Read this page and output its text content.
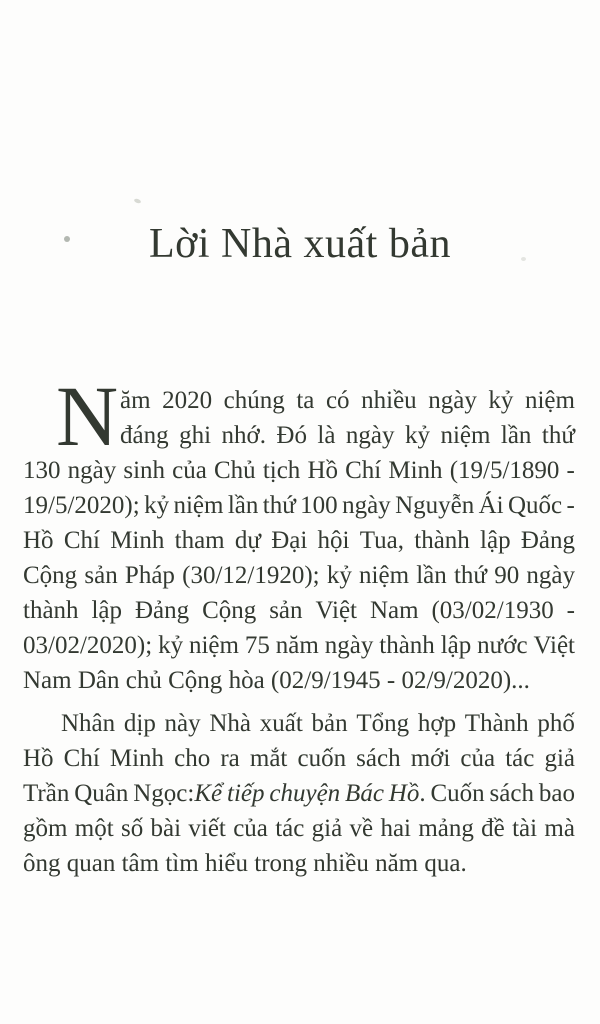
Lời Nhà xuất bản
N ăm 2020 chúng ta có nhiều ngày kỷ niệm
đáng ghi nhớ. Đó là ngày kỷ niệm lần thứ
130 ngày sinh của Chủ tịch Hồ Chí Minh (19/5/1890 -
19/5/2020); kỷ niệm lần thứ 100 ngày Nguyễn Ái Quốc -
Hồ Chí Minh tham dự Đại hội Tua, thành lập Đảng
Cộng sản Pháp (30/12/1920); kỷ niệm lần thứ 90 ngày
thành lập Đảng Cộng sản Việt Nam (03/02/1930 -
03/02/2020); kỷ niệm 75 năm ngày thành lập nước Việt
Nam Dân chủ Cộng hòa (02/9/1945 - 02/9/2020)...
Nhân dịp này Nhà xuất bản Tổng hợp Thành phố
Hồ Chí Minh cho ra mắt cuốn sách mới của tác giả
Trần Quân Ngọc:Kể tiếp chuyện Bác Hồ. Cuốn sách bao
gồm một số bài viết của tác giả về hai mảng đề tài mà
ông quan tâm tìm hiểu trong nhiều năm qua.
